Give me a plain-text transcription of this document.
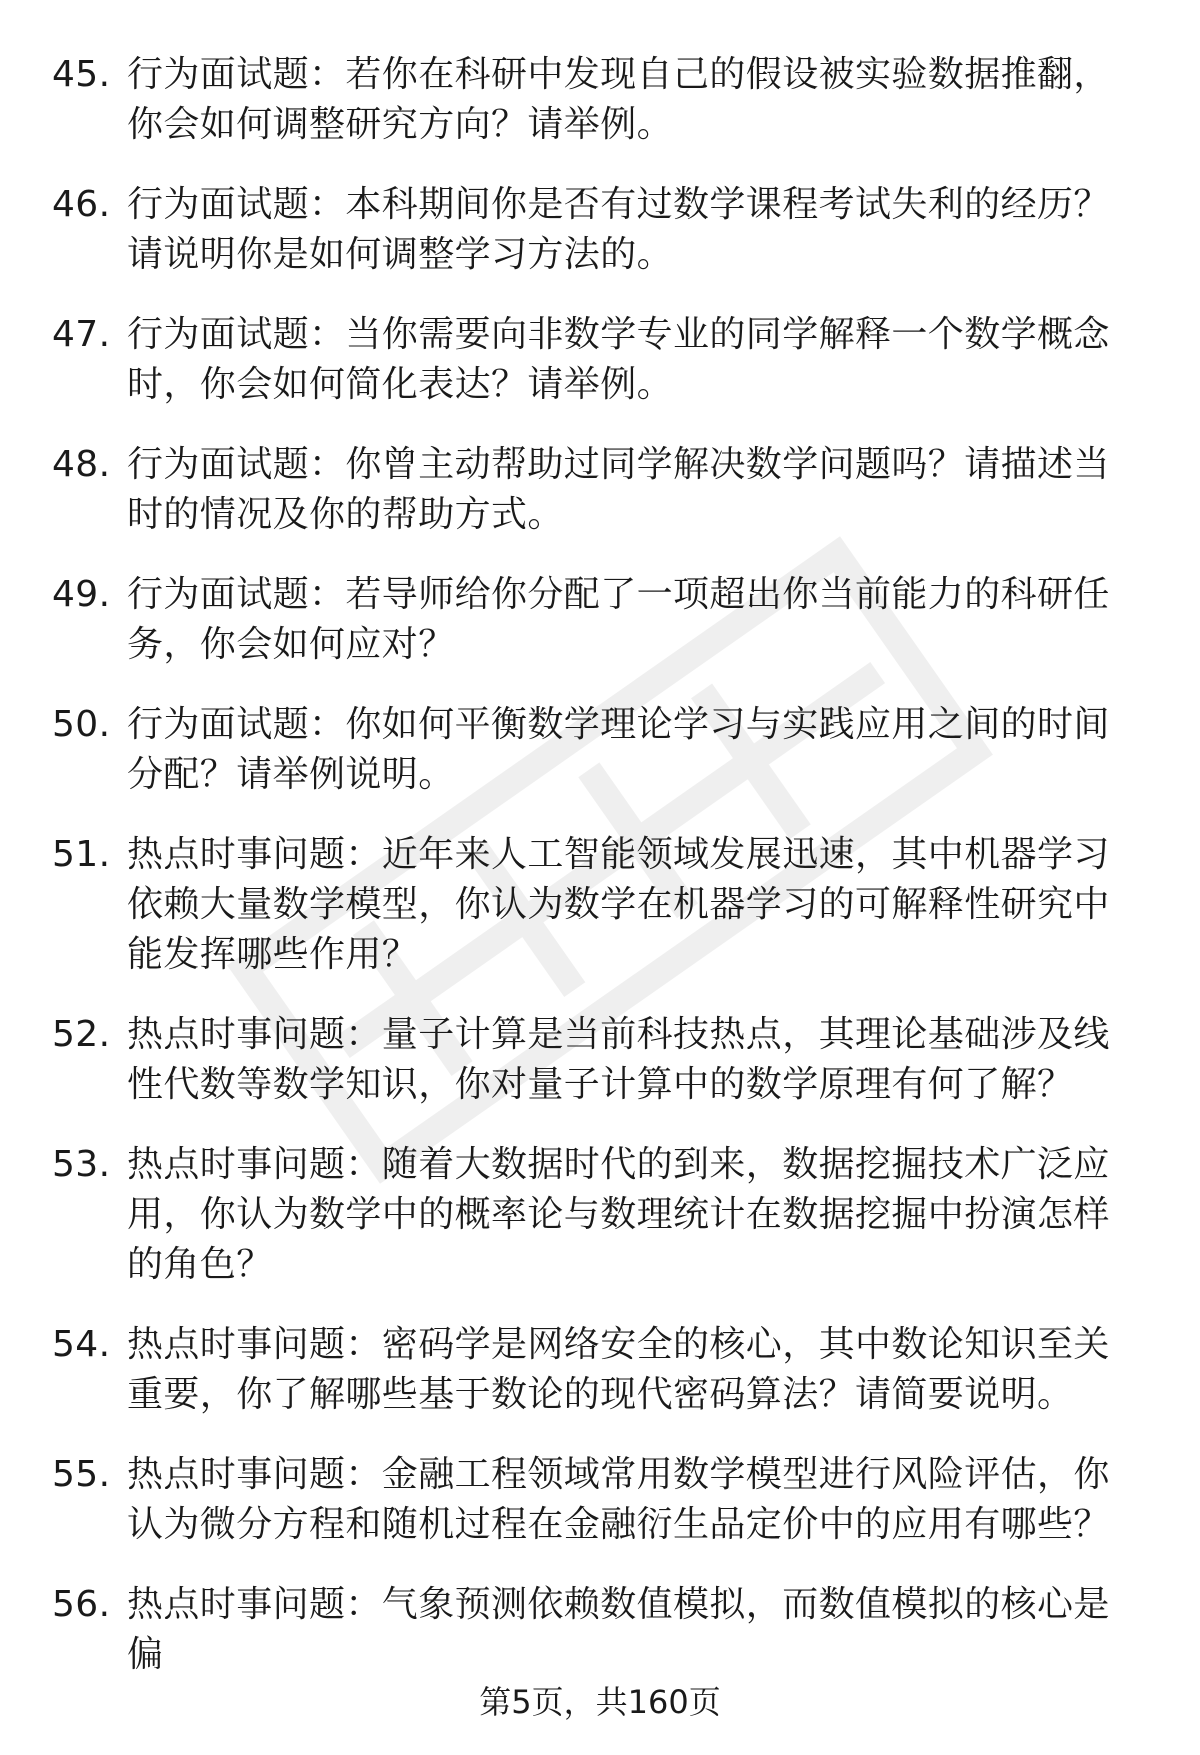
45. 行为面试题：若你在科研中发现自己的假设被实验数据推翻，你会如何调整研究方向？请举例。
46. 行为面试题：本科期间你是否有过数学课程考试失利的经历？请说明你是如何调整学习方法的。
47. 行为面试题：当你需要向非数学专业的同学解释一个数学概念时，你会如何简化表达？请举例。
48. 行为面试题：你曾主动帮助过同学解决数学问题吗？请描述当时的情况及你的帮助方式。
49. 行为面试题：若导师给你分配了一项超出你当前能力的科研任务，你会如何应对？
50. 行为面试题：你如何平衡数学理论学习与实践应用之间的时间分配？请举例说明。
51. 热点时事问题：近年来人工智能领域发展迅速，其中机器学习依赖大量数学模型，你认为数学在机器学习的可解释性研究中能发挥哪些作用？
52. 热点时事问题：量子计算是当前科技热点，其理论基础涉及线性代数等数学知识，你对量子计算中的数学原理有何了解？
53. 热点时事问题：随着大数据时代的到来，数据挖掘技术广泛应用，你认为数学中的概率论与数理统计在数据挖掘中扮演怎样的角色？
54. 热点时事问题：密码学是网络安全的核心，其中数论知识至关重要，你了解哪些基于数论的现代密码算法？请简要说明。
55. 热点时事问题：金融工程领域常用数学模型进行风险评估，你认为微分方程和随机过程在金融衍生品定价中的应用有哪些？
56. 热点时事问题：气象预测依赖数值模拟，而数值模拟的核心是偏
第5页，共160页
